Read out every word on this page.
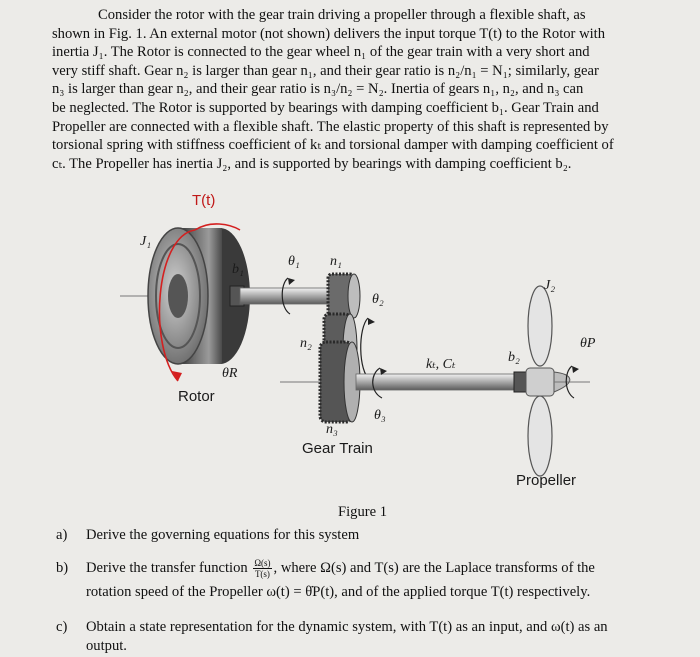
Consider the rotor with the gear train driving a propeller through a flexible shaft, as
shown in Fig. 1. An external motor (not shown) delivers the input torque T(t) to the Rotor with
inertia J₁. The Rotor is connected to the gear wheel n₁ of the gear train with a very short and
very stiff shaft. Gear n₂ is larger than gear n₁, and their gear ratio is n₂/n₁ = N₁; similarly, gear
n₃ is larger than gear n₂, and their gear ratio is n₃/n₂ = N₂. Inertia of gears n₁, n₂, and n₃ can
be neglected. The Rotor is supported by bearings with damping coefficient b₁. Gear Train and
Propeller are connected with a flexible shaft. The elastic property of this shaft is represented by
torsional spring with stiffness coefficient of kₜ and torsional damper with damping coefficient of
cₜ. The Propeller has inertia J₂, and is supported by bearings with damping coefficient b₂.
T(t)
J₁
b₁
θ₁ n₁
θ₂
n₂
θR
Rotor
kₜ, Cₜ	b₂
J₂
θP
n₃
θ₃
Gear Train
Propeller
Figure 1
a) Derive the governing equations for this system
b) Derive the transfer function $\frac{\Omega(s)}{T(s)}$ , where Ω(s) and T(s) are the Laplace transforms of the
rotation speed of the Propeller ω(t) = θ̇P(t), and of the applied torque T(t) respectively.
c) Obtain a state representation for the dynamic system, with T(t) as an input, and ω(t) as an
output.
